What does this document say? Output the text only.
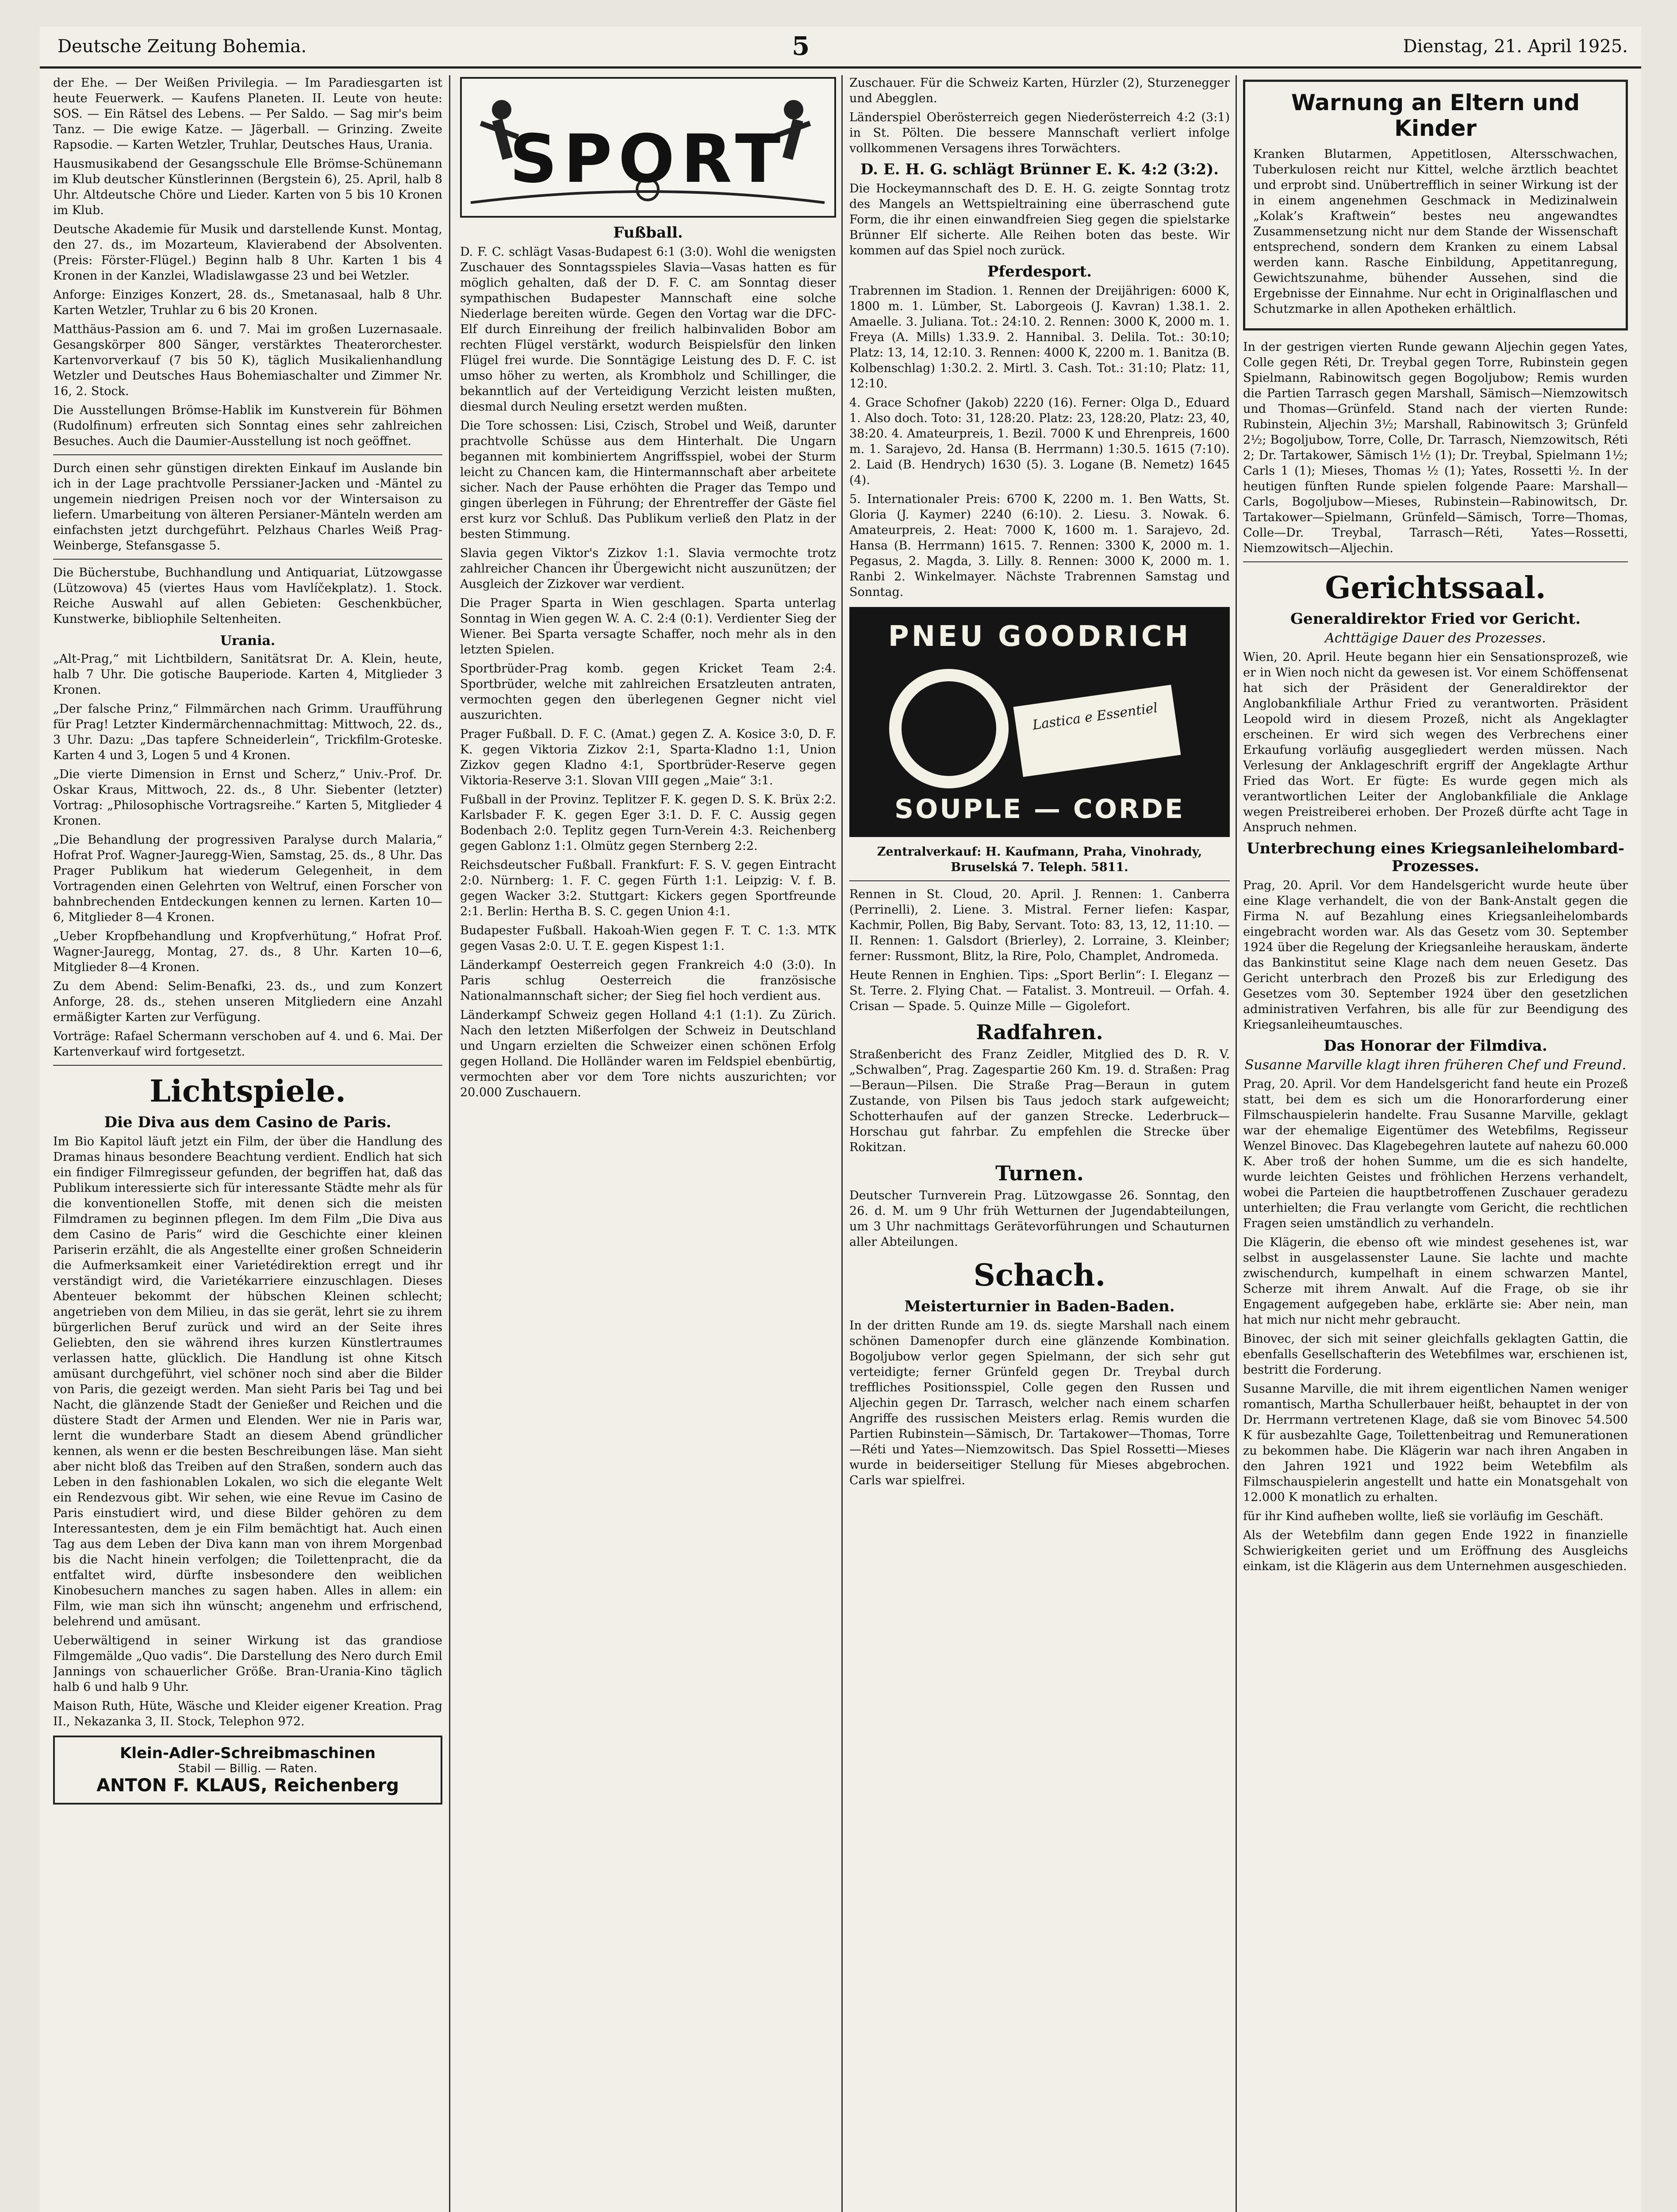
Deutsche Zeitung Bohemia.	5	Dienstag, 21. April 1925.

der Ehe. — Der Weißen Privilegia. — Im Paradiesgarten ist heute Feuerwerk. — Kaufens Planeten. II. Leute von heute: SOS. — Ein Rätsel des Lebens. — Per Saldo. — Sag mir's beim Tanz. — Die ewige Katze. — Jägerball. — Grinzing. Zweite Rapsodie. — Karten Wetzler, Truhlar, Deutsches Haus, Urania.

Hausmusikabend der Gesangsschule Elle Brömse-Schünemann im Klub deutscher Künstlerinnen (Bergstein 6), 25. April, halb 8 Uhr. Altdeutsche Chöre und Lieder. Karten von 5 bis 10 Kronen im Klub.

Deutsche Akademie für Musik und darstellende Kunst. Montag, den 27. ds., im Mozarteum, Klavierabend der Absolventen. (Preis: Förster-Flügel.) Beginn halb 8 Uhr. Karten 1 bis 4 Kronen in der Kanzlei, Wladislawgasse 23 und bei Wetzler.

Anforge: Einziges Konzert, 28. ds., Smetanasaal, halb 8 Uhr. Karten Wetzler, Truhlar zu 6 bis 20 Kronen.

Matthäus-Passion am 6. und 7. Mai im großen Luzernasaale. Gesangskörper 800 Sänger, verstärktes Theaterorchester. Kartenvorverkauf (7 bis 50 K), täglich Musikalienhandlung Wetzler und Deutsches Haus Bohemiaschalter und Zimmer Nr. 16, 2. Stock.

Die Ausstellungen Brömse-Hablik im Kunstverein für Böhmen (Rudolfinum) erfreuten sich Sonntag eines sehr zahlreichen Besuches. Auch die Daumier-Ausstellung ist noch geöffnet.

Durch einen sehr günstigen direkten Einkauf im Auslande bin ich in der Lage prachtvolle Perssianer-Jacken und -Mäntel zu ungemein niedrigen Preisen noch vor der Wintersaison zu liefern. Umarbeitung von älteren Persianer-Mänteln werden am einfachsten jetzt durchgeführt. Pelzhaus Charles Weiß Prag-Weinberge, Stefansgasse 5.

Die Bücherstube, Buchhandlung und Antiquariat, Lützowgasse (Lützowova) 45 (viertes Haus vom Havlíčekplatz). 1. Stock. Reiche Auswahl auf allen Gebieten: Geschenkbücher, Kunstwerke, bibliophile Seltenheiten.

Urania.

„Alt-Prag,“ mit Lichtbildern, Sanitätsrat Dr. A. Klein, heute, halb 7 Uhr. Die gotische Bauperiode. Karten 4, Mitglieder 3 Kronen.

„Der falsche Prinz,“ Filmmärchen nach Grimm. Uraufführung für Prag! Letzter Kindermärchennachmittag: Mittwoch, 22. ds., 3 Uhr. Dazu: „Das tapfere Schneiderlein“, Trickfilm-Groteske. Karten 4 und 3, Logen 5 und 4 Kronen.

„Die vierte Dimension in Ernst und Scherz,“ Univ.-Prof. Dr. Oskar Kraus, Mittwoch, 22. ds., 8 Uhr. Siebenter (letzter) Vortrag: „Philosophische Vortragsreihe.“ Karten 5, Mitglieder 4 Kronen.

„Die Behandlung der progressiven Paralyse durch Malaria,“ Hofrat Prof. Wagner-Jauregg-Wien, Samstag, 25. ds., 8 Uhr. Das Prager Publikum hat wiederum Gelegenheit, in dem Vortragenden einen Gelehrten von Weltruf, einen Forscher von bahnbrechenden Entdeckungen kennen zu lernen. Karten 10—6, Mitglieder 8—4 Kronen.

„Ueber Kropfbehandlung und Kropfverhütung,“ Hofrat Prof. Wagner-Jauregg, Montag, 27. ds., 8 Uhr. Karten 10—6, Mitglieder 8—4 Kronen.

Zu dem Abend: Selim-Benafki, 23. ds., und zum Konzert Anforge, 28. ds., stehen unseren Mitgliedern eine Anzahl ermäßigter Karten zur Verfügung.

Vorträge: Rafael Schermann verschoben auf 4. und 6. Mai. Der Kartenverkauf wird fortgesetzt.

Lichtspiele.
Die Diva aus dem Casino de Paris.

Im Bio Kapitol läuft jetzt ein Film, der über die Handlung des Dramas hinaus besondere Beachtung verdient. Endlich hat sich ein findiger Filmregisseur gefunden, der begriffen hat, daß das Publikum interessierte sich für interessante Städte mehr als für die konventionellen Stoffe, mit denen sich die meisten Filmdramen zu beginnen pflegen. Im dem Film „Die Diva aus dem Casino de Paris“ wird die Geschichte einer kleinen Pariserin erzählt, die als Angestellte einer großen Schneiderin die Aufmerksamkeit einer Varietédirektion erregt und ihr verständigt wird, die Varietékarriere einzuschlagen. Dieses Abenteuer bekommt der hübschen Kleinen schlecht; angetrieben von dem Milieu, in das sie gerät, lehrt sie zu ihrem bürgerlichen Beruf zurück und wird an der Seite ihres Geliebten, den sie während ihres kurzen Künstlertraumes verlassen hatte, glücklich. Die Handlung ist ohne Kitsch amüsant durchgeführt, viel schöner noch sind aber die Bilder von Paris, die gezeigt werden. Man sieht Paris bei Tag und bei Nacht, die glänzende Stadt der Genießer und Reichen und die düstere Stadt der Armen und Elenden. Wer nie in Paris war, lernt die wunderbare Stadt an diesem Abend gründlicher kennen, als wenn er die besten Beschreibungen läse. Man sieht aber nicht bloß das Treiben auf den Straßen, sondern auch das Leben in den fashionablen Lokalen, wo sich die elegante Welt ein Rendezvous gibt. Wir sehen, wie eine Revue im Casino de Paris einstudiert wird, und diese Bilder gehören zu dem Interessantesten, dem je ein Film bemächtigt hat. Auch einen Tag aus dem Leben der Diva kann man von ihrem Morgenbad bis die Nacht hinein verfolgen; die Toilettenpracht, die da entfaltet wird, dürfte insbesondere den weiblichen Kinobesuchern manches zu sagen haben. Alles in allem: ein Film, wie man sich ihn wünscht; angenehm und erfrischend, belehrend und amüsant.

Ueberwältigend in seiner Wirkung ist das grandiose Filmgemälde „Quo vadis“. Die Darstellung des Nero durch Emil Jannings von schauerlicher Größe. Bran-Urania-Kino täglich halb 6 und halb 9 Uhr.

Maison Ruth, Hüte, Wäsche und Kleider eigener Kreation. Prag II., Nekazanka 3, II. Stock, Telephon 972.

Klein-Adler-Schreibmaschinen
Stabil — Billig. — Raten.
ANTON F. KLAUS, Reichenberg
SPORT
Fußball.

D. F. C. schlägt Vasas-Budapest 6:1 (3:0). Wohl die wenigsten Zuschauer des Sonntagsspieles Slavia—Vasas hatten es für möglich gehalten, daß der D. F. C. am Sonntag dieser sympathischen Budapester Mannschaft eine solche Niederlage bereiten würde. Gegen den Vortag war die DFC-Elf durch Einreihung der freilich halbinvaliden Bobor am rechten Flügel verstärkt, wodurch Beispielsfür den linken Flügel frei wurde. Die Sonntägige Leistung des D. F. C. ist umso höher zu werten, als Krombholz und Schillinger, die bekanntlich auf der Verteidigung Verzicht leisten mußten, diesmal durch Neuling ersetzt werden mußten.

Die Tore schossen: Lisi, Czisch, Strobel und Weiß, darunter prachtvolle Schüsse aus dem Hinterhalt. Die Ungarn begannen mit kombiniertem Angriffsspiel, wobei der Sturm leicht zu Chancen kam, die Hintermannschaft aber arbeitete sicher. Nach der Pause erhöhten die Prager das Tempo und gingen überlegen in Führung; der Ehrentreffer der Gäste fiel erst kurz vor Schluß. Das Publikum verließ den Platz in der besten Stimmung.

Slavia gegen Viktor's Zizkov 1:1. Slavia vermochte trotz zahlreicher Chancen ihr Übergewicht nicht auszunützen; der Ausgleich der Zizkover war verdient.

Die Prager Sparta in Wien geschlagen. Sparta unterlag Sonntag in Wien gegen W. A. C. 2:4 (0:1). Verdienter Sieg der Wiener. Bei Sparta versagte Schaffer, noch mehr als in den letzten Spielen.

Sportbrüder-Prag komb. gegen Kricket Team 2:4. Sportbrüder, welche mit zahlreichen Ersatzleuten antraten, vermochten gegen den überlegenen Gegner nicht viel auszurichten.

Prager Fußball. D. F. C. (Amat.) gegen Z. A. Kosice 3:0, D. F. K. gegen Viktoria Zizkov 2:1, Sparta-Kladno 1:1, Union Zizkov gegen Kladno 4:1, Sportbrüder-Reserve gegen Viktoria-Reserve 3:1. Slovan VIII gegen „Maie“ 3:1.

Fußball in der Provinz. Teplitzer F. K. gegen D. S. K. Brüx 2:2. Karlsbader F. K. gegen Eger 3:1. D. F. C. Aussig gegen Bodenbach 2:0. Teplitz gegen Turn-Verein 4:3. Reichenberg gegen Gablonz 1:1. Olmütz gegen Sternberg 2:2.

Reichsdeutscher Fußball. Frankfurt: F. S. V. gegen Eintracht 2:0. Nürnberg: 1. F. C. gegen Fürth 1:1. Leipzig: V. f. B. gegen Wacker 3:2. Stuttgart: Kickers gegen Sportfreunde 2:1. Berlin: Hertha B. S. C. gegen Union 4:1.

Budapester Fußball. Hakoah-Wien gegen F. T. C. 1:3. MTK gegen Vasas 2:0. U. T. E. gegen Kispest 1:1.

Länderkampf Oesterreich gegen Frankreich 4:0 (3:0). In Paris schlug Oesterreich die französische Nationalmannschaft sicher; der Sieg fiel hoch verdient aus.

Länderkampf Schweiz gegen Holland 4:1 (1:1). Zu Zürich. Nach den letzten Mißerfolgen der Schweiz in Deutschland und Ungarn erzielten die Schweizer einen schönen Erfolg gegen Holland. Die Holländer waren im Feldspiel ebenbürtig, vermochten aber vor dem Tore nichts auszurichten; vor 20.000 Zuschauern.

Zuschauer. Für die Schweiz Karten, Hürzler (2), Sturzenegger und Abegglen.

Länderspiel Oberösterreich gegen Niederösterreich 4:2 (3:1) in St. Pölten. Die bessere Mannschaft verliert infolge vollkommenen Versagens ihres Torwächters.

D. E. H. G. schlägt Brünner E. K. 4:2 (3:2).

Die Hockeymannschaft des D. E. H. G. zeigte Sonntag trotz des Mangels an Wettspieltraining eine überraschend gute Form, die ihr einen einwandfreien Sieg gegen die spielstarke Brünner Elf sicherte. Alle Reihen boten das beste. Wir kommen auf das Spiel noch zurück.

Pferdesport.

Trabrennen im Stadion. 1. Rennen der Dreijährigen: 6000 K, 1800 m. 1. Lümber, St. Laborgeois (J. Kavran) 1.38.1. 2. Amaelle. 3. Juliana. Tot.: 24:10. 2. Rennen: 3000 K, 2000 m. 1. Freya (A. Mills) 1.33.9. 2. Hannibal. 3. Delila. Tot.: 30:10; Platz: 13, 14, 12:10. 3. Rennen: 4000 K, 2200 m. 1. Banitza (B. Kolbenschlag) 1:30.2. 2. Mirtl. 3. Cash. Tot.: 31:10; Platz: 11, 12:10.

4. Grace Schofner (Jakob) 2220 (16). Ferner: Olga D., Eduard 1. Also doch. Toto: 31, 128:20. Platz: 23, 128:20, Platz: 23, 40, 38:20. 4. Amateurpreis, 1. Bezil. 7000 K und Ehrenpreis, 1600 m. 1. Sarajevo, 2d. Hansa (B. Herrmann) 1:30.5. 1615 (7:10). 2. Laid (B. Hendrych) 1630 (5). 3. Logane (B. Nemetz) 1645 (4).

5. Internationaler Preis: 6700 K, 2200 m. 1. Ben Watts, St. Gloria (J. Kaymer) 2240 (6:10). 2. Liesu. 3. Nowak. 6. Amateurpreis, 2. Heat: 7000 K, 1600 m. 1. Sarajevo, 2d. Hansa (B. Herrmann) 1615. 7. Rennen: 3300 K, 2000 m. 1. Pegasus, 2. Magda, 3. Lilly. 8. Rennen: 3000 K, 2000 m. 1. Ranbi 2. Winkelmayer. Nächste Trabrennen Samstag und Sonntag.

PNEU GOODRICH
Lastica e Essentiel
SOUPLE — CORDE

Zentralverkauf: H. Kaufmann, Praha, Vinohrady, Bruselská 7. Teleph. 5811.

Rennen in St. Cloud, 20. April. J. Rennen: 1. Canberra (Perrinelli), 2. Liene. 3. Mistral. Ferner liefen: Kaspar, Kachmir, Pollen, Big Baby, Servant. Toto: 83, 13, 12, 11:10. — II. Rennen: 1. Galsdort (Brierley), 2. Lorraine, 3. Kleinber; ferner: Russmont, Blitz, la Rire, Polo, Champlet, Andromeda.

Heute Rennen in Enghien. Tips: „Sport Berlin“: I. Eleganz — St. Terre. 2. Flying Chat. — Fatalist. 3. Montreuil. — Orfah. 4. Crisan — Spade. 5. Quinze Mille — Gigolefort.

Radfahren.

Straßenbericht des Franz Zeidler, Mitglied des D. R. V. „Schwalben“, Prag. Zagespartie 260 Km. 19. d. Straßen: Prag—Beraun—Pilsen. Die Straße Prag—Beraun in gutem Zustande, von Pilsen bis Taus jedoch stark aufgeweicht; Schotterhaufen auf der ganzen Strecke. Lederbruck—Horschau gut fahrbar. Zu empfehlen die Strecke über Rokitzan.

Turnen.

Deutscher Turnverein Prag. Lützowgasse 26. Sonntag, den 26. d. M. um 9 Uhr früh Wetturnen der Jugendabteilungen, um 3 Uhr nachmittags Gerätevorführungen und Schauturnen aller Abteilungen.

Schach.
Meisterturnier in Baden-Baden.

In der dritten Runde am 19. ds. siegte Marshall nach einem schönen Damenopfer durch eine glänzende Kombination. Bogoljubow verlor gegen Spielmann, der sich sehr gut verteidigte; ferner Grünfeld gegen Dr. Treybal durch treffliches Positionsspiel, Colle gegen den Russen und Aljechin gegen Dr. Tarrasch, welcher nach einem scharfen Angriffe des russischen Meisters erlag. Remis wurden die Partien Rubinstein—Sämisch, Dr. Tartakower—Thomas, Torre—Réti und Yates—Niemzowitsch. Das Spiel Rossetti—Mieses wurde in beiderseitiger Stellung für Mieses abgebrochen. Carls war spielfrei.

Warnung an Eltern und Kinder

Kranken Blutarmen, Appetitlosen, Altersschwachen, Tuberkulosen reicht nur Kittel, welche ärztlich beachtet und erprobt sind. Unübertrefflich in seiner Wirkung ist der in einem angenehmen Geschmack in Medizinalwein „Kolak’s Kraftwein“ bestes neu angewandtes Zusammensetzung nicht nur dem Stande der Wissenschaft entsprechend, sondern dem Kranken zu einem Labsal werden kann. Rasche Einbildung, Appetitanregung, Gewichtszunahme, bühender Aussehen, sind die Ergebnisse der Einnahme. Nur echt in Originalflaschen und Schutzmarke in allen Apotheken erhältlich.

In der gestrigen vierten Runde gewann Aljechin gegen Yates, Colle gegen Réti, Dr. Treybal gegen Torre, Rubinstein gegen Spielmann, Rabinowitsch gegen Bogoljubow; Remis wurden die Partien Tarrasch gegen Marshall, Sämisch—Niemzowitsch und Thomas—Grünfeld. Stand nach der vierten Runde: Rubinstein, Aljechin 3½; Marshall, Rabinowitsch 3; Grünfeld 2½; Bogoljubow, Torre, Colle, Dr. Tarrasch, Niemzowitsch, Réti 2; Dr. Tartakower, Sämisch 1½ (1); Dr. Treybal, Spielmann 1½; Carls 1 (1); Mieses, Thomas ½ (1); Yates, Rossetti ½. In der heutigen fünften Runde spielen folgende Paare: Marshall—Carls, Bogoljubow—Mieses, Rubinstein—Rabinowitsch, Dr. Tartakower—Spielmann, Grünfeld—Sämisch, Torre—Thomas, Colle—Dr. Treybal, Tarrasch—Réti, Yates—Rossetti, Niemzowitsch—Aljechin.

Gerichtssaal.
Generaldirektor Fried vor Gericht.
Achttägige Dauer des Prozesses.

Wien, 20. April. Heute begann hier ein Sensationsprozeß, wie er in Wien noch nicht da gewesen ist. Vor einem Schöffensenat hat sich der Präsident der Generaldirektor der Anglobankfiliale Arthur Fried zu verantworten. Präsident Leopold wird in diesem Prozeß, nicht als Angeklagter erscheinen. Er wird sich wegen des Verbrechens einer Erkaufung vorläufig ausgegliedert werden müssen. Nach Verlesung der Anklageschrift ergriff der Angeklagte Arthur Fried das Wort. Er fügte: Es wurde gegen mich als verantwortlichen Leiter der Anglobankfiliale die Anklage wegen Preistreiberei erhoben. Der Prozeß dürfte acht Tage in Anspruch nehmen.

Unterbrechung eines Kriegsanleihelombard-Prozesses.

Prag, 20. April. Vor dem Handelsgericht wurde heute über eine Klage verhandelt, die von der Bank-Anstalt gegen die Firma N. auf Bezahlung eines Kriegsanleihelombards eingebracht worden war. Als das Gesetz vom 30. September 1924 über die Regelung der Kriegsanleihe herauskam, änderte das Bankinstitut seine Klage nach dem neuen Gesetz. Das Gericht unterbrach den Prozeß bis zur Erledigung des Gesetzes vom 30. September 1924 über den gesetzlichen administrativen Verfahren, bis alle für zur Beendigung des Kriegsanleiheumtausches.

Das Honorar der Filmdiva.
Susanne Marville klagt ihren früheren Chef und Freund.

Prag, 20. April. Vor dem Handelsgericht fand heute ein Prozeß statt, bei dem es sich um die Honorarforderung einer Filmschauspielerin handelte. Frau Susanne Marville, geklagt war der ehemalige Eigentümer des Wetebfilms, Regisseur Wenzel Binovec. Das Klagebegehren lautete auf nahezu 60.000 K. Aber troß der hohen Summe, um die es sich handelte, wurde leichten Geistes und fröhlichen Herzens verhandelt, wobei die Parteien die hauptbetroffenen Zuschauer geradezu unterhielten; die Frau verlangte vom Gericht, die rechtlichen Fragen seien umständlich zu verhandeln.

Die Klägerin, die ebenso oft wie mindest gesehenes ist, war selbst in ausgelassenster Laune. Sie lachte und machte zwischendurch, kumpelhaft in einem schwarzen Mantel, Scherze mit ihrem Anwalt. Auf die Frage, ob sie ihr Engagement aufgegeben habe, erklärte sie: Aber nein, man hat mich nur nicht mehr gebraucht.

Binovec, der sich mit seiner gleichfalls geklagten Gattin, die ebenfalls Gesellschafterin des Wetebfilmes war, erschienen ist, bestritt die Forderung.

Susanne Marville, die mit ihrem eigentlichen Namen weniger romantisch, Martha Schullerbauer heißt, behauptet in der von Dr. Herrmann vertretenen Klage, daß sie vom Binovec 54.500 K für ausbezahlte Gage, Toilettenbeitrag und Remunerationen zu bekommen habe. Die Klägerin war nach ihren Angaben in den Jahren 1921 und 1922 beim Wetebfilm als Filmschauspielerin angestellt und hatte ein Monatsgehalt von 12.000 K monatlich zu erhalten.

für ihr Kind aufheben wollte, ließ sie vorläufig im Geschäft.

Als der Wetebfilm dann gegen Ende 1922 in finanzielle Schwierigkeiten geriet und um Eröffnung des Ausgleichs einkam, ist die Klägerin aus dem Unternehmen ausgeschieden.
